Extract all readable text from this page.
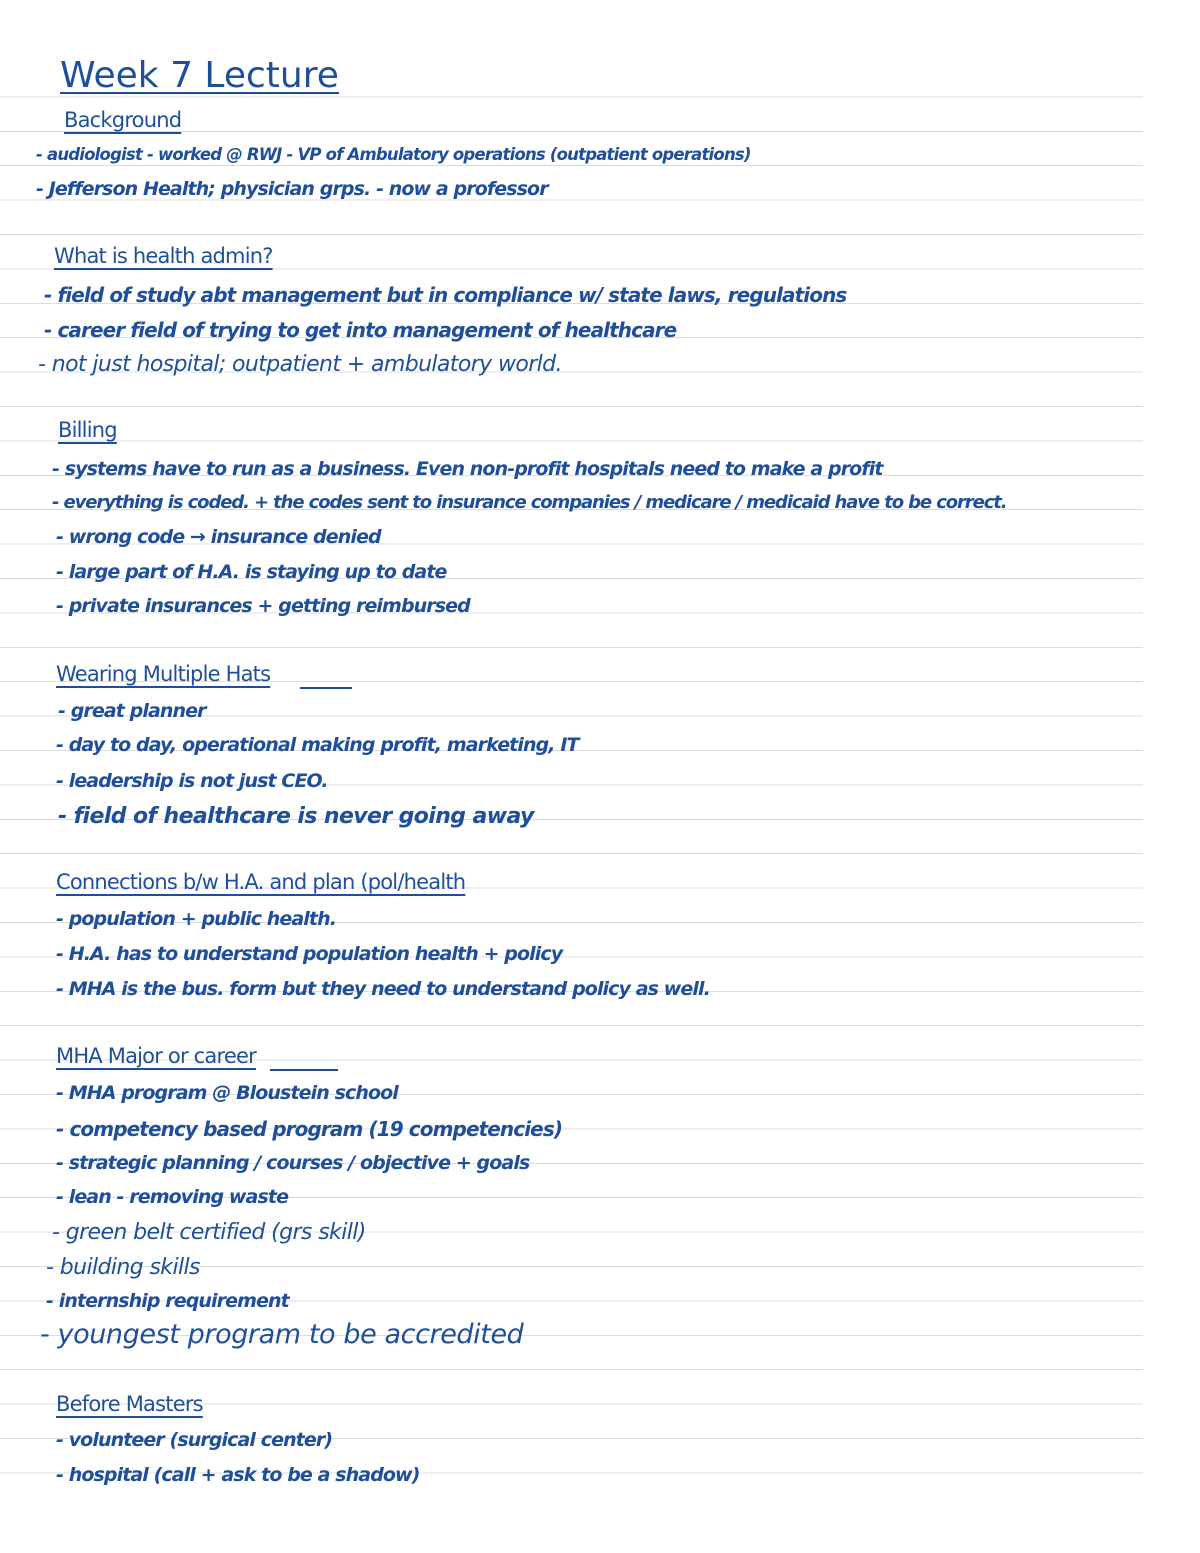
Week 7 Lecture
Background
- audiologist - worked @ RWJ - VP of Ambulatory operations (outpatient operations)
- Jefferson Health; physician grps. - now a professor
What is health admin?
- field of study abt management but in compliance w/ state laws, regulations
- career field of trying to get into management of healthcare
- not just hospital; outpatient + ambulatory world.
Billing
- systems have to run as a business. Even non-profit hospitals need to make a profit
- everything is coded. + the codes sent to insurance companies / medicare / medicaid have to be correct.
- wrong code → insurance denied
- large part of H.A. is staying up to date
- private insurances + getting reimbursed
Wearing Multiple Hats
- great planner
- day to day, operational making profit, marketing, IT
- leadership is not just CEO.
- field of healthcare is never going away
Connections b/w H.A. and plan (pol/health
- population + public health.
- H.A. has to understand population health + policy
- MHA is the bus. form but they need to understand policy as well.
MHA Major or career
- MHA program @ Bloustein school
- competency based program (19 competencies)
- strategic planning / courses / objective + goals
- lean - removing waste
- green belt certified (grs skill)
- building skills
- internship requirement
- youngest program to be accredited
Before Masters
- volunteer (surgical center)
- hospital (call + ask to be a shadow)
